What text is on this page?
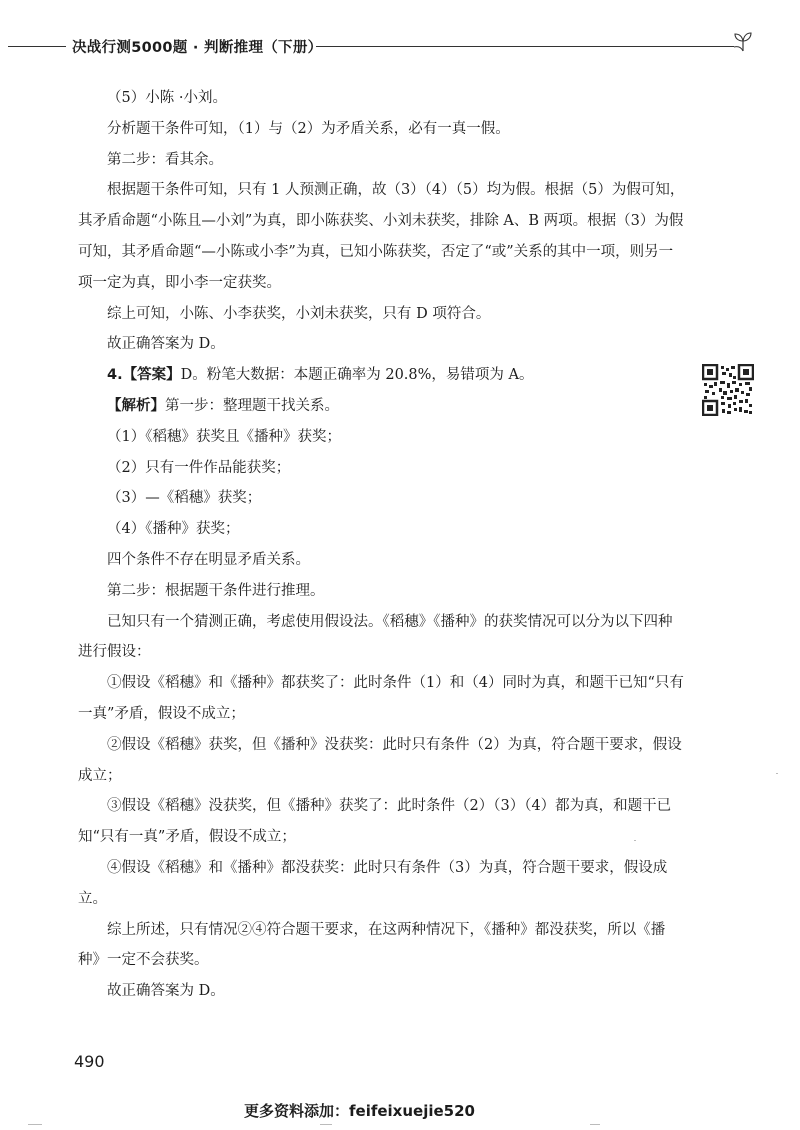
决战行测5000题 · 判断推理（下册）

（5）小陈 ·小刘。

分析题干条件可知，（1）与（2）为矛盾关系，必有一真一假。

第二步：看其余。

根据题干条件可知，只有 1 人预测正确，故（3）（4）（5）均为假。根据（5）为假可知，其矛盾命题“小陈且—小刘”为真，即小陈获奖、小刘未获奖，排除 A、B 两项。根据（3）为假可知，其矛盾命题“—小陈或小李”为真，已知小陈获奖，否定了“或”关系的其中一项，则另一项一定为真，即小李一定获奖。

综上可知，小陈、小李获奖，小刘未获奖，只有 D 项符合。

故正确答案为 D。

4.【答案】D。粉笔大数据：本题正确率为 20.8%，易错项为 A。

【解析】第一步：整理题干找关系。

（1）《稻穗》获奖且《播种》获奖；

（2）只有一件作品能获奖；

（3）—《稻穗》获奖；

（4）《播种》获奖；

四个条件不存在明显矛盾关系。

第二步：根据题干条件进行推理。

已知只有一个猜测正确，考虑使用假设法。《稻穗》《播种》的获奖情况可以分为以下四种进行假设：

①假设《稻穗》和《播种》都获奖了：此时条件（1）和（4）同时为真，和题干已知“只有一真”矛盾，假设不成立；

②假设《稻穗》获奖，但《播种》没获奖：此时只有条件（2）为真，符合题干要求，假设成立；

③假设《稻穗》没获奖，但《播种》获奖了：此时条件（2）（3）（4）都为真，和题干已知“只有一真”矛盾，假设不成立；

④假设《稻穗》和《播种》都没获奖：此时只有条件（3）为真，符合题干要求，假设成立。

综上所述，只有情况②④符合题干要求，在这两种情况下，《播种》都没获奖，所以《播种》一定不会获奖。

故正确答案为 D。

490
更多资料添加：feifeixuejie520
